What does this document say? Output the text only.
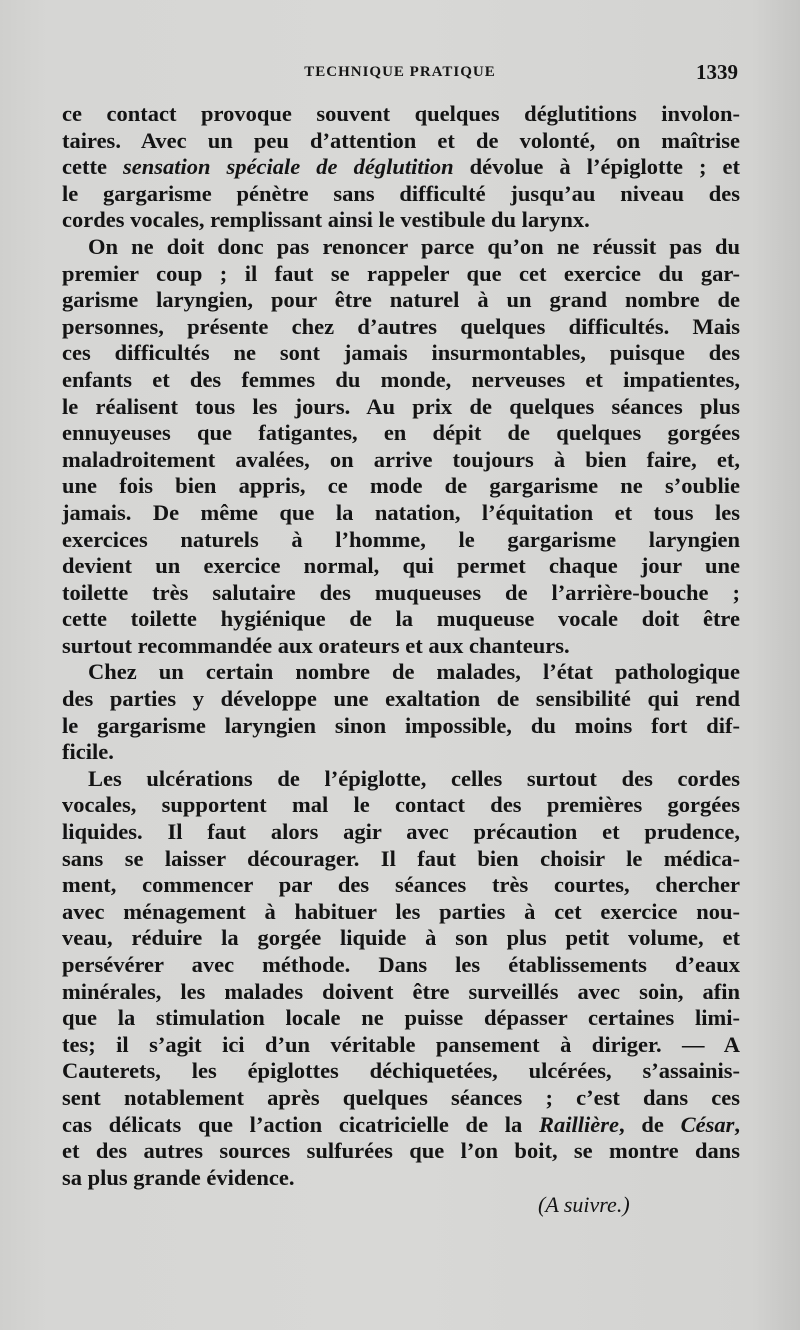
TECHNIQUE PRATIQUE	1339
ce contact provoque souvent quelques déglutitions involon-
taires. Avec un peu d’attention et de volonté, on maîtrise
cette sensation spéciale de déglutition dévolue à l’épiglotte ; et
le gargarisme pénètre sans difficulté jusqu’au niveau des
cordes vocales, remplissant ainsi le vestibule du larynx.
On ne doit donc pas renoncer parce qu’on ne réussit pas du
premier coup ; il faut se rappeler que cet exercice du gar-
garisme laryngien, pour être naturel à un grand nombre de
personnes, présente chez d’autres quelques difficultés. Mais
ces difficultés ne sont jamais insurmontables, puisque des
enfants et des femmes du monde, nerveuses et impatientes,
le réalisent tous les jours. Au prix de quelques séances plus
ennuyeuses que fatigantes, en dépit de quelques gorgées
maladroitement avalées, on arrive toujours à bien faire, et,
une fois bien appris, ce mode de gargarisme ne s’oublie
jamais. De même que la natation, l’équitation et tous les
exercices naturels à l’homme, le gargarisme laryngien
devient un exercice normal, qui permet chaque jour une
toilette très salutaire des muqueuses de l’arrière-bouche ;
cette toilette hygiénique de la muqueuse vocale doit être
surtout recommandée aux orateurs et aux chanteurs.
Chez un certain nombre de malades, l’état pathologique
des parties y développe une exaltation de sensibilité qui rend
le gargarisme laryngien sinon impossible, du moins fort dif-
ficile.
Les ulcérations de l’épiglotte, celles surtout des cordes
vocales, supportent mal le contact des premières gorgées
liquides. Il faut alors agir avec précaution et prudence,
sans se laisser décourager. Il faut bien choisir le médica-
ment, commencer par des séances très courtes, chercher
avec ménagement à habituer les parties à cet exercice nou-
veau, réduire la gorgée liquide à son plus petit volume, et
persévérer avec méthode. Dans les établissements d’eaux
minérales, les malades doivent être surveillés avec soin, afin
que la stimulation locale ne puisse dépasser certaines limi-
tes; il s’agit ici d’un véritable pansement à diriger. — A
Cauterets, les épiglottes déchiquetées, ulcérées, s’assainis-
sent notablement après quelques séances ; c’est dans ces
cas délicats que l’action cicatricielle de la Raillière, de César,
et des autres sources sulfurées que l’on boit, se montre dans
sa plus grande évidence.
(A suivre.)
